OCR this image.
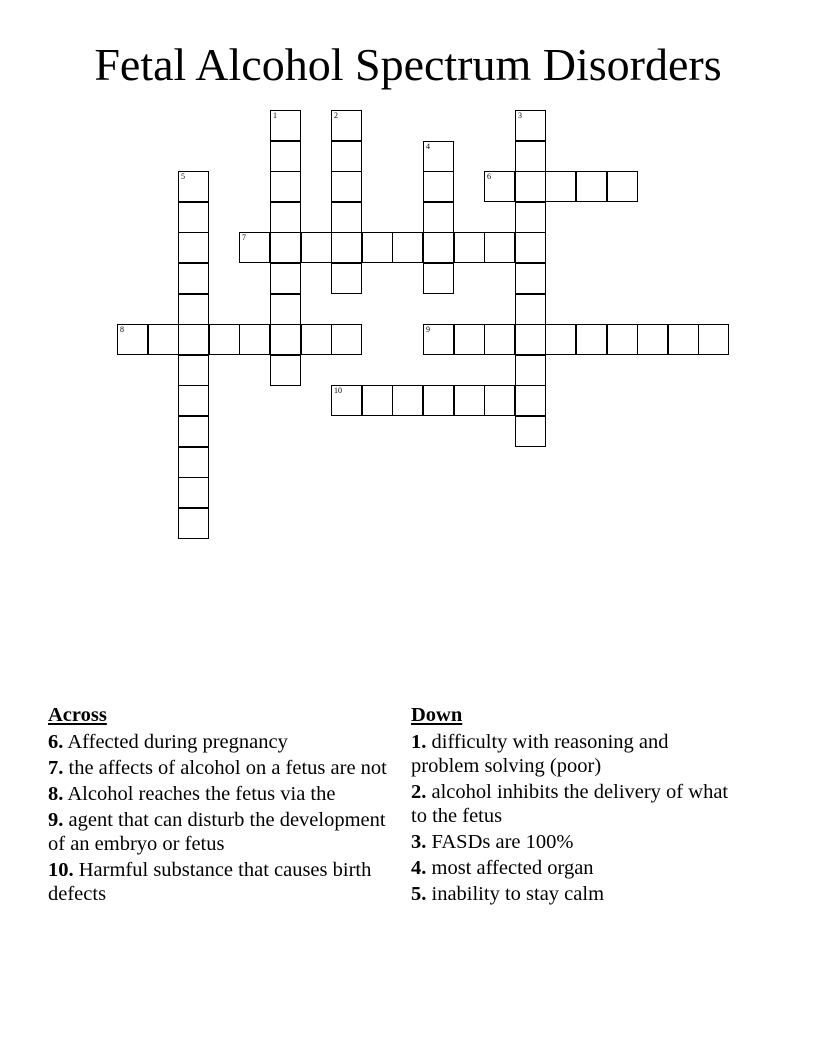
Fetal Alcohol Spectrum Disorders
1	2	3
4
5	6
7
8	9
10
Across
6. Affected during pregnancy
7. the affects of alcohol on a fetus are not
8. Alcohol reaches the fetus via the
9. agent that can disturb the development of an embryo or fetus
10. Harmful substance that causes birth defects
Down
1. difficulty with reasoning and problem solving (poor)
2. alcohol inhibits the delivery of what to the fetus
3. FASDs are 100%
4. most affected organ
5. inability to stay calm
